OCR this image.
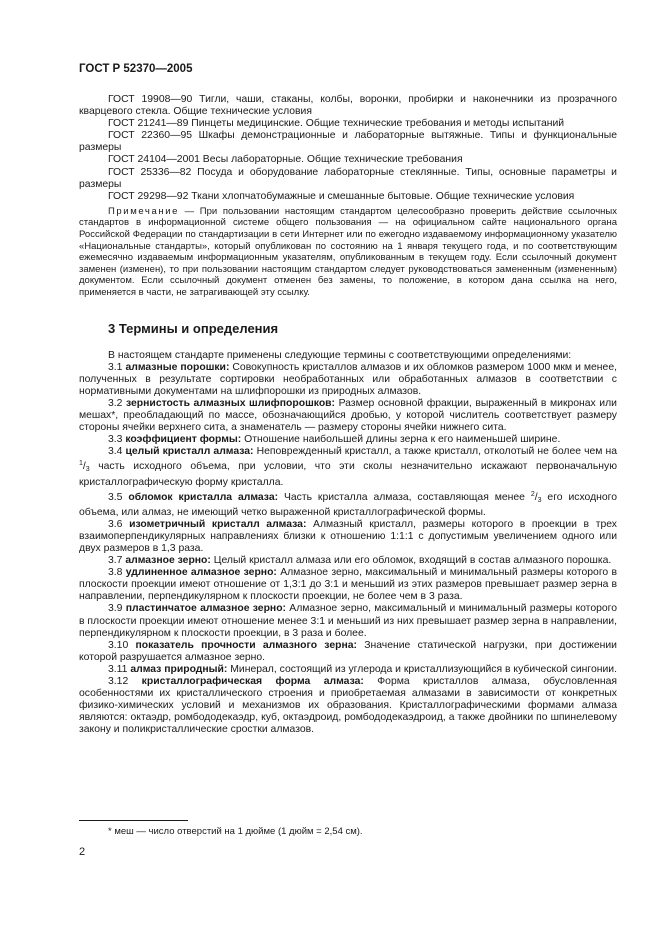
ГОСТ Р 52370—2005

ГОСТ 19908—90 Тигли, чаши, стаканы, колбы, воронки, пробирки и наконечники из прозрачного кварцевого стекла. Общие технические условия

ГОСТ 21241—89 Пинцеты медицинские. Общие технические требования и методы испытаний

ГОСТ 22360—95 Шкафы демонстрационные и лабораторные вытяжные. Типы и функциональные размеры

ГОСТ 24104—2001 Весы лабораторные. Общие технические требования

ГОСТ 25336—82 Посуда и оборудование лабораторные стеклянные. Типы, основные параметры и размеры

ГОСТ 29298—92 Ткани хлопчатобумажные и смешанные бытовые. Общие технические условия

Примечание — При пользовании настоящим стандартом целесообразно проверить действие ссылочных стандартов в информационной системе общего пользования — на официальном сайте национального органа Российской Федерации по стандартизации в сети Интернет или по ежегодно издаваемому информационному указателю «Национальные стандарты», который опубликован по состоянию на 1 января текущего года, и по соответствующим ежемесячно издаваемым информационным указателям, опубликованным в текущем году. Если ссылочный документ заменен (изменен), то при пользовании настоящим стандартом следует руководствоваться замененным (измененным) документом. Если ссылочный документ отменен без замены, то положение, в котором дана ссылка на него, применяется в части, не затрагивающей эту ссылку.

3 Термины и определения

В настоящем стандарте применены следующие термины с соответствующими определениями:

3.1 алмазные порошки: Совокупность кристаллов алмазов и их обломков размером 1000 мкм и менее, полученных в результате сортировки необработанных или обработанных алмазов в соответствии с нормативными документами на шлифпорошки из природных алмазов.

3.2 зернистость алмазных шлифпорошков: Размер основной фракции, выраженный в микронах или мешах*, преобладающий по массе, обозначающийся дробью, у которой числитель соответствует размеру стороны ячейки верхнего сита, а знаменатель — размеру стороны ячейки нижнего сита.

3.3 коэффициент формы: Отношение наибольшей длины зерна к его наименьшей ширине.

3.4 целый кристалл алмаза: Неповрежденный кристалл, а также кристалл, отколотый не более чем на $^1/_3$ часть исходного объема, при условии, что эти сколы незначительно искажают первоначальную кристаллографическую форму кристалла.

3.5 обломок кристалла алмаза: Часть кристалла алмаза, составляющая менее $^2/_3$ его исходного объема, или алмаз, не имеющий четко выраженной кристаллографической формы.

3.6 изометричный кристалл алмаза: Алмазный кристалл, размеры которого в проекции в трех взаимоперпендикулярных направлениях близки к отношению 1:1:1 с допустимым увеличением одного или двух размеров в 1,3 раза.

3.7 алмазное зерно: Целый кристалл алмаза или его обломок, входящий в состав алмазного порошка.

3.8 удлиненное алмазное зерно: Алмазное зерно, максимальный и минимальный размеры которого в плоскости проекции имеют отношение от 1,3:1 до 3:1 и меньший из этих размеров превышает размер зерна в направлении, перпендикулярном к плоскости проекции, не более чем в 3 раза.

3.9 пластинчатое алмазное зерно: Алмазное зерно, максимальный и минимальный размеры которого в плоскости проекции имеют отношение менее 3:1 и меньший из них превышает размер зерна в направлении, перпендикулярном к плоскости проекции, в 3 раза и более.

3.10 показатель прочности алмазного зерна: Значение статической нагрузки, при достижении которой разрушается алмазное зерно.

3.11 алмаз природный: Минерал, состоящий из углерода и кристаллизующийся в кубической сингонии.

3.12 кристаллографическая форма алмаза: Форма кристаллов алмаза, обусловленная особенностями их кристаллического строения и приобретаемая алмазами в зависимости от конкретных физико-химических условий и механизмов их образования. Кристаллографическими формами алмаза являются: октаэдр, ромбододекаэдр, куб, октаэдроид, ромбододекаэдроид, а также двойники по шпинелевому закону и поликристаллические сростки алмазов.

* меш — число отверстий на 1 дюйме (1 дюйм = 2,54 см).
2
